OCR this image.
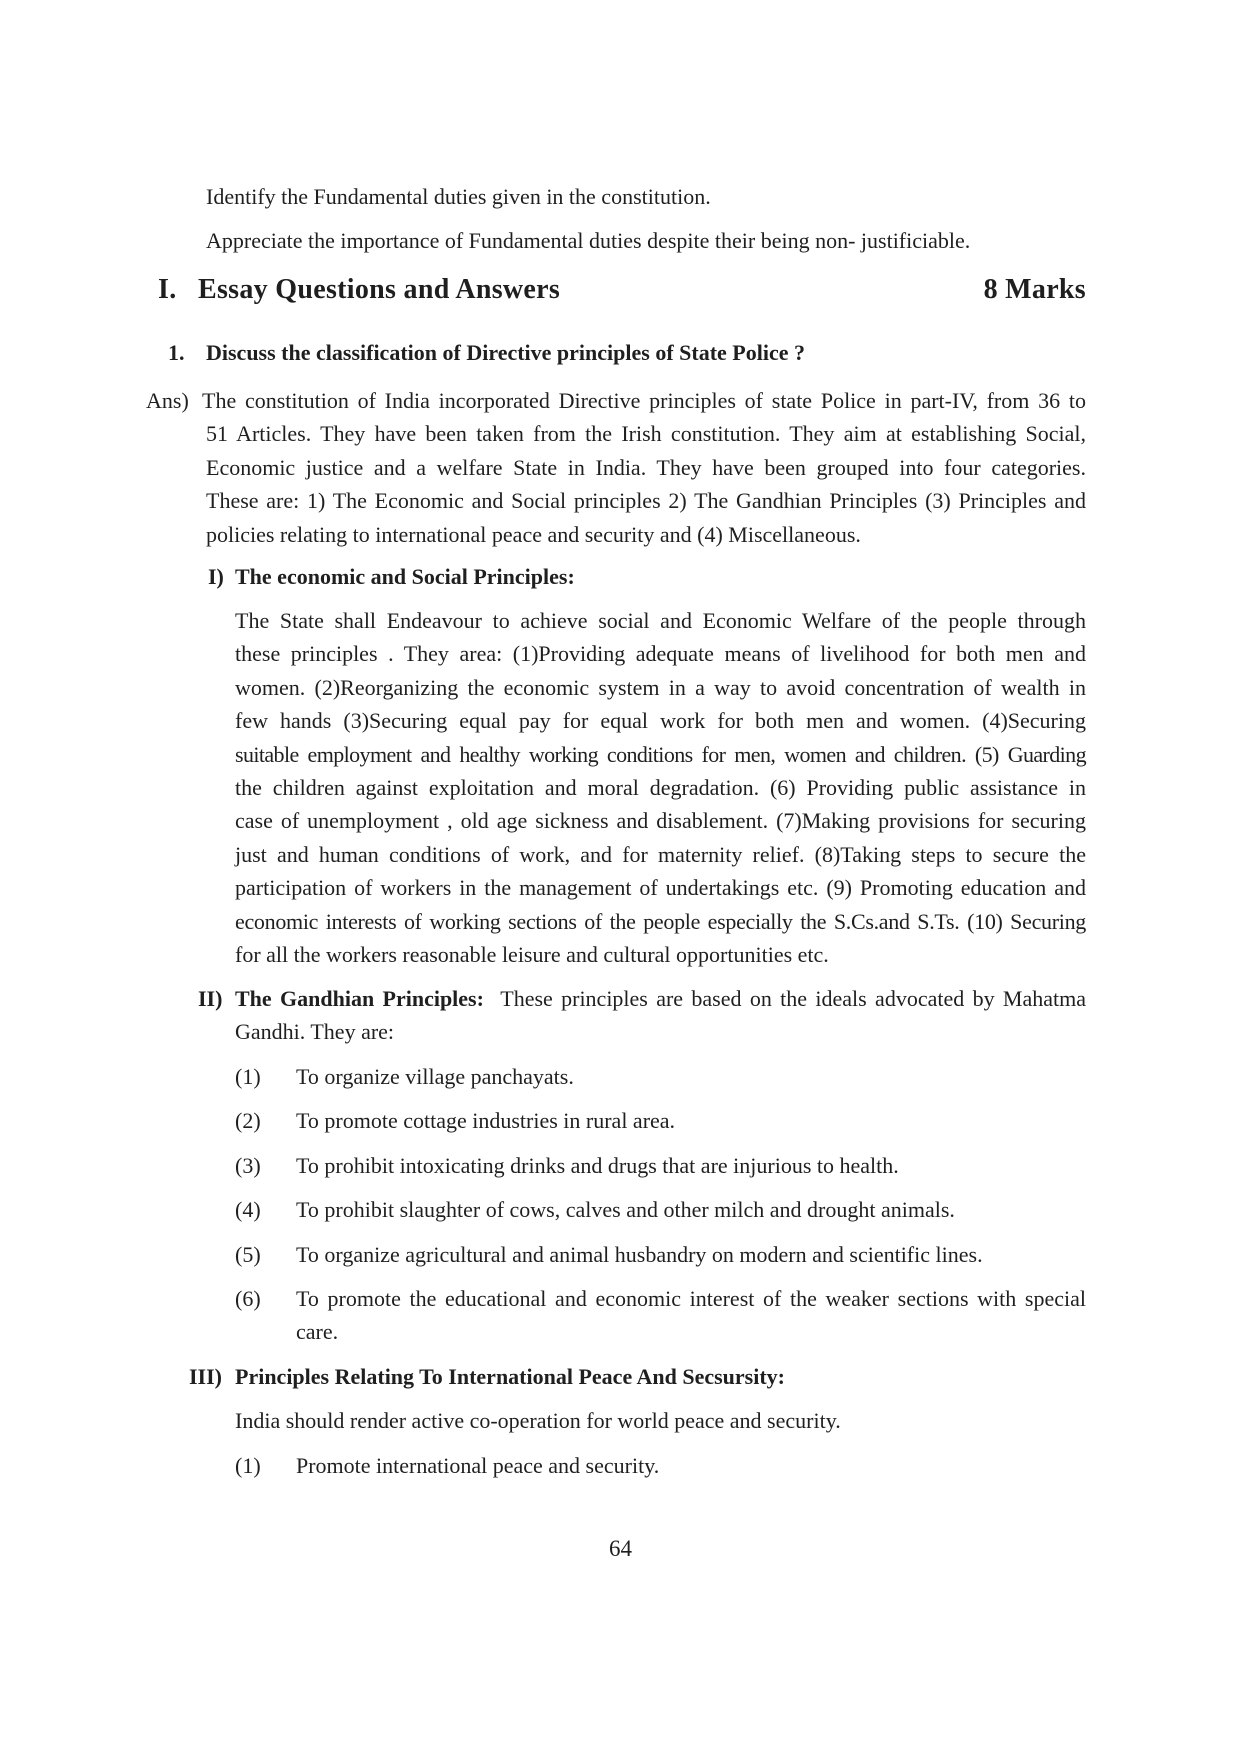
Identify the Fundamental duties given in the constitution.
Appreciate the importance of Fundamental duties despite their being non- justificiable.
I. Essay Questions and Answers	8 Marks
1. Discuss the classification of Directive principles of State Police ?
Ans) The constitution of India incorporated Directive principles of state Police in part-IV, from 36 to
51 Articles. They have been taken from the Irish constitution. They aim at establishing Social,
Economic justice and a welfare State in India. They have been grouped into four categories.
These are: 1) The Economic and Social principles 2) The Gandhian Principles (3) Principles and
policies relating to international peace and security and (4) Miscellaneous.
I) The economic and Social Principles:
The State shall Endeavour to achieve social and Economic Welfare of the people through
these principles . They area: (1)Providing adequate means of livelihood for both men and
women. (2)Reorganizing the economic system in a way to avoid concentration of wealth in
few hands (3)Securing equal pay for equal work for both men and women. (4)Securing
suitable employment and healthy working conditions for men, women and children. (5) Guarding
the children against exploitation and moral degradation. (6) Providing public assistance in
case of unemployment , old age sickness and disablement. (7)Making provisions for securing
just and human conditions of work, and for maternity relief. (8)Taking steps to secure the
participation of workers in the management of undertakings etc. (9) Promoting education and
economic interests of working sections of the people especially the S.Cs.and S.Ts. (10) Securing
for all the workers reasonable leisure and cultural opportunities etc.
II) The Gandhian Principles: These principles are based on the ideals advocated by Mahatma
Gandhi. They are:
(1) To organize village panchayats.
(2) To promote cottage industries in rural area.
(3) To prohibit intoxicating drinks and drugs that are injurious to health.
(4) To prohibit slaughter of cows, calves and other milch and drought animals.
(5) To organize agricultural and animal husbandry on modern and scientific lines.
(6) To promote the educational and economic interest of the weaker sections with special
care.
III) Principles Relating To International Peace And Secsursity:
India should render active co-operation for world peace and security.
(1) Promote international peace and security.
64
